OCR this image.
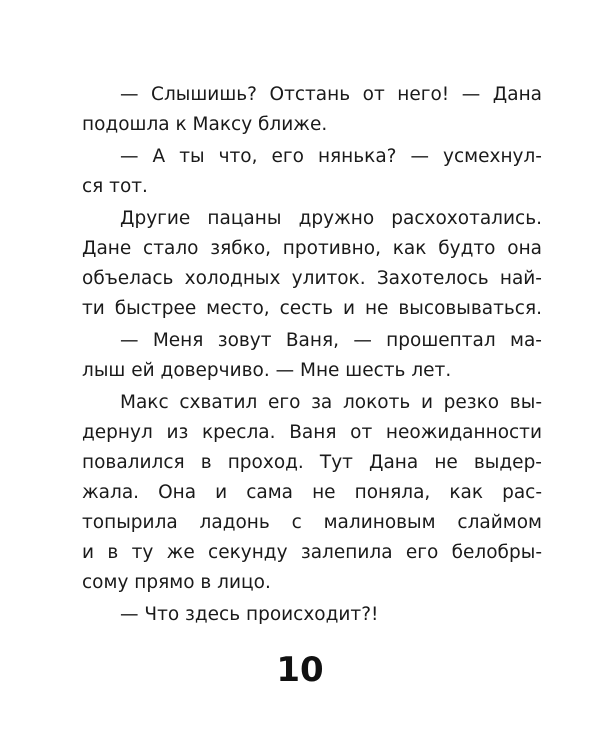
— Слышишь? Отстань от него! — Дана
подошла к Максу ближе.
— А ты что, его нянька? — усмехнул-
ся тот.
Другие пацаны дружно расхохотались.
Дане стало зябко, противно, как будто она
объелась холодных улиток. Захотелось най-
ти быстрее место, сесть и не высовываться.
— Меня зовут Ваня, — прошептал ма-
лыш ей доверчиво. — Мне шесть лет.
Макс схватил его за локоть и резко вы-
дернул из кресла. Ваня от неожиданности
повалился в проход. Тут Дана не выдер-
жала. Она и сама не поняла, как рас-
топырила ладонь с малиновым слаймом
и в ту же секунду залепила его белобры-
сому прямо в лицо.
— Что здесь происходит?!
10
